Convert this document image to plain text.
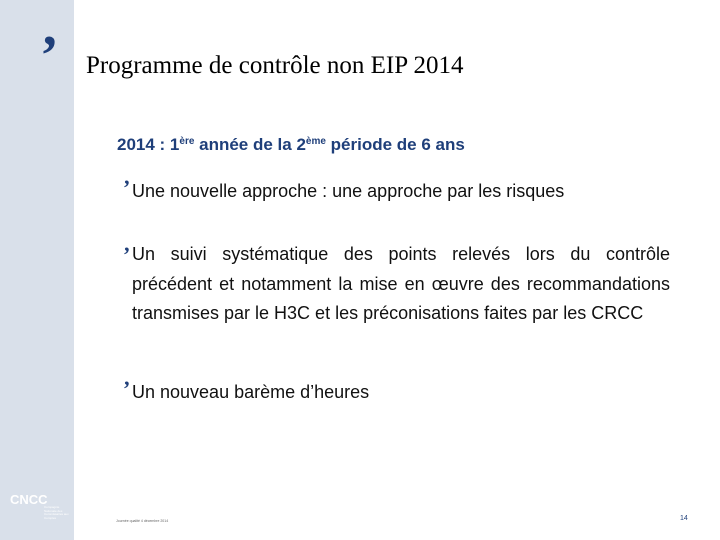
’ Programme de contrôle non EIP 2014
2014 : 1ère année de la 2ème période de 6 ans
’ Une nouvelle approche : une approche par les risques
’ Un suivi systématique des points relevés lors du contrôle précédent et notamment la mise en œuvre des recommandations transmises par le H3C et les préconisations faites par les CRCC
’ Un nouveau barème d’heures
CNCC
Compagnie Nationale des Commissaires aux Comptes
Journée qualité 4 décembre 2014	14
